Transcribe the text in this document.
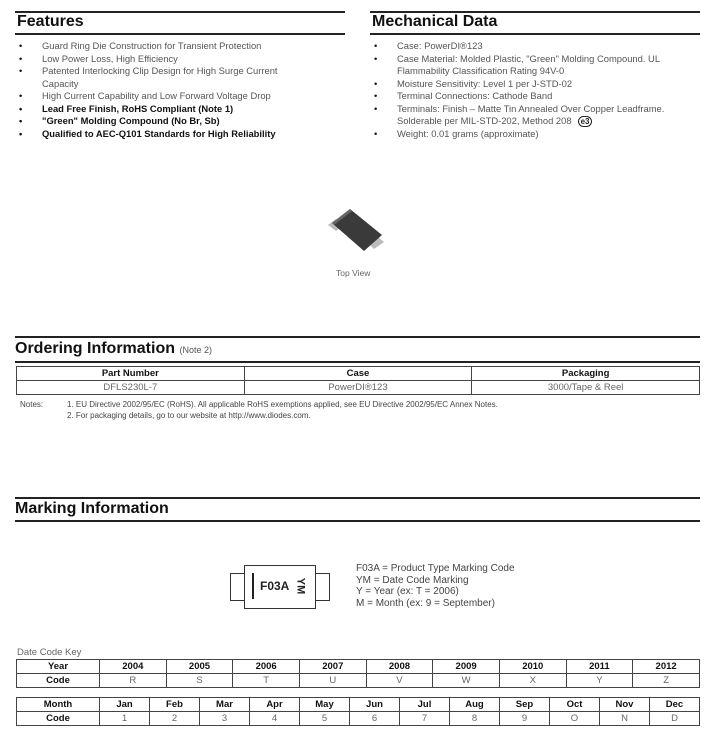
Features
• Guard Ring Die Construction for Transient Protection
• Low Power Loss, High Efficiency
• Patented Interlocking Clip Design for High Surge Current Capacity
• High Current Capability and Low Forward Voltage Drop
• Lead Free Finish, RoHS Compliant (Note 1)
• "Green" Molding Compound (No Br, Sb)
• Qualified to AEC-Q101 Standards for High Reliability
Mechanical Data
• Case: PowerDI®123
• Case Material: Molded Plastic, "Green" Molding Compound. UL Flammability Classification Rating 94V-0
• Moisture Sensitivity: Level 1 per J-STD-02
• Terminal Connections: Cathode Band
• Terminals: Finish – Matte Tin Annealed Over Copper Leadframe. Solderable per MIL-STD-202, Method 208 e3
• Weight: 0.01 grams (approximate)
Top View
Ordering Information (Note 2)
Part Number	Case	Packaging
DFLS230L-7	PowerDI®123	3000/Tape & Reel
Notes:	1. EU Directive 2002/95/EC (RoHS). All applicable RoHS exemptions applied, see EU Directive 2002/95/EC Annex Notes.
2. For packaging details, go to our website at http://www.diodes.com.
Marking Information
F03A YM
F03A = Product Type Marking Code
YM = Date Code Marking
Y = Year (ex: T = 2006)
M = Month (ex: 9 = September)
Date Code Key
Year	2004	2005	2006	2007	2008	2009	2010	2011	2012
Code	R	S	T	U	V	W	X	Y	Z
Month	Jan	Feb	Mar	Apr	May	Jun	Jul	Aug	Sep	Oct	Nov	Dec
Code	1	2	3	4	5	6	7	8	9	O	N	D
